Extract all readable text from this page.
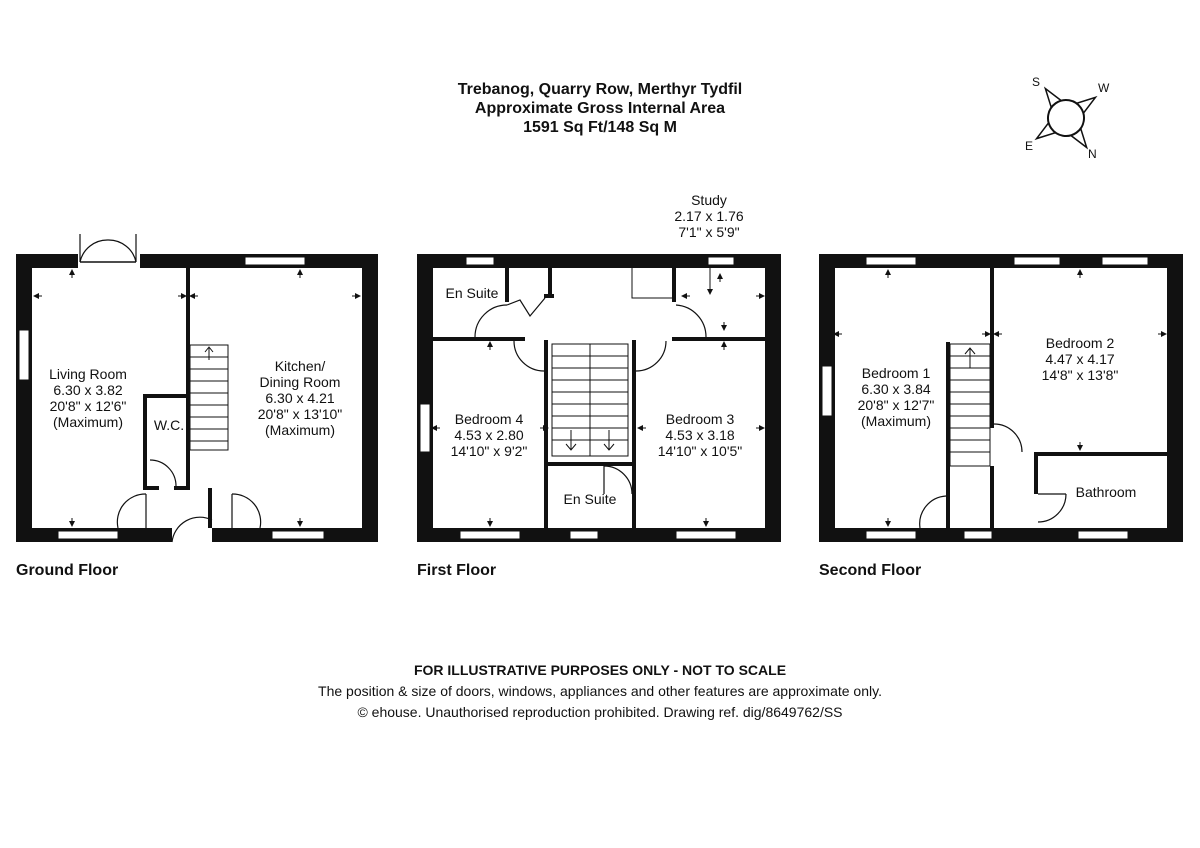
Trebanog, Quarry Row, Merthyr Tydfil
Approximate Gross Internal Area
1591 Sq Ft/148 Sq M
S	W
E
N
Living Room
6.30 x 3.82
20'8" x 12'6"
(Maximum)
Kitchen/
Dining Room
6.30 x 4.21
20'8" x 13'10"
(Maximum)
W.C.
Ground Floor
Study
2.17 x 1.76
7'1" x 5'9"
En Suite
Bedroom 4
4.53 x 2.80
14'10" x 9'2"
Bedroom 3
4.53 x 3.18
14'10" x 10'5"
En Suite
First Floor
Bedroom 1
6.30 x 3.84
20'8" x 12'7"
(Maximum)
Bedroom 2
4.47 x 4.17
14'8" x 13'8"
Bathroom
Second Floor
FOR ILLUSTRATIVE PURPOSES ONLY - NOT TO SCALE
The position & size of doors, windows, appliances and other features are approximate only.
© ehouse. Unauthorised reproduction prohibited. Drawing ref. dig/8649762/SS
